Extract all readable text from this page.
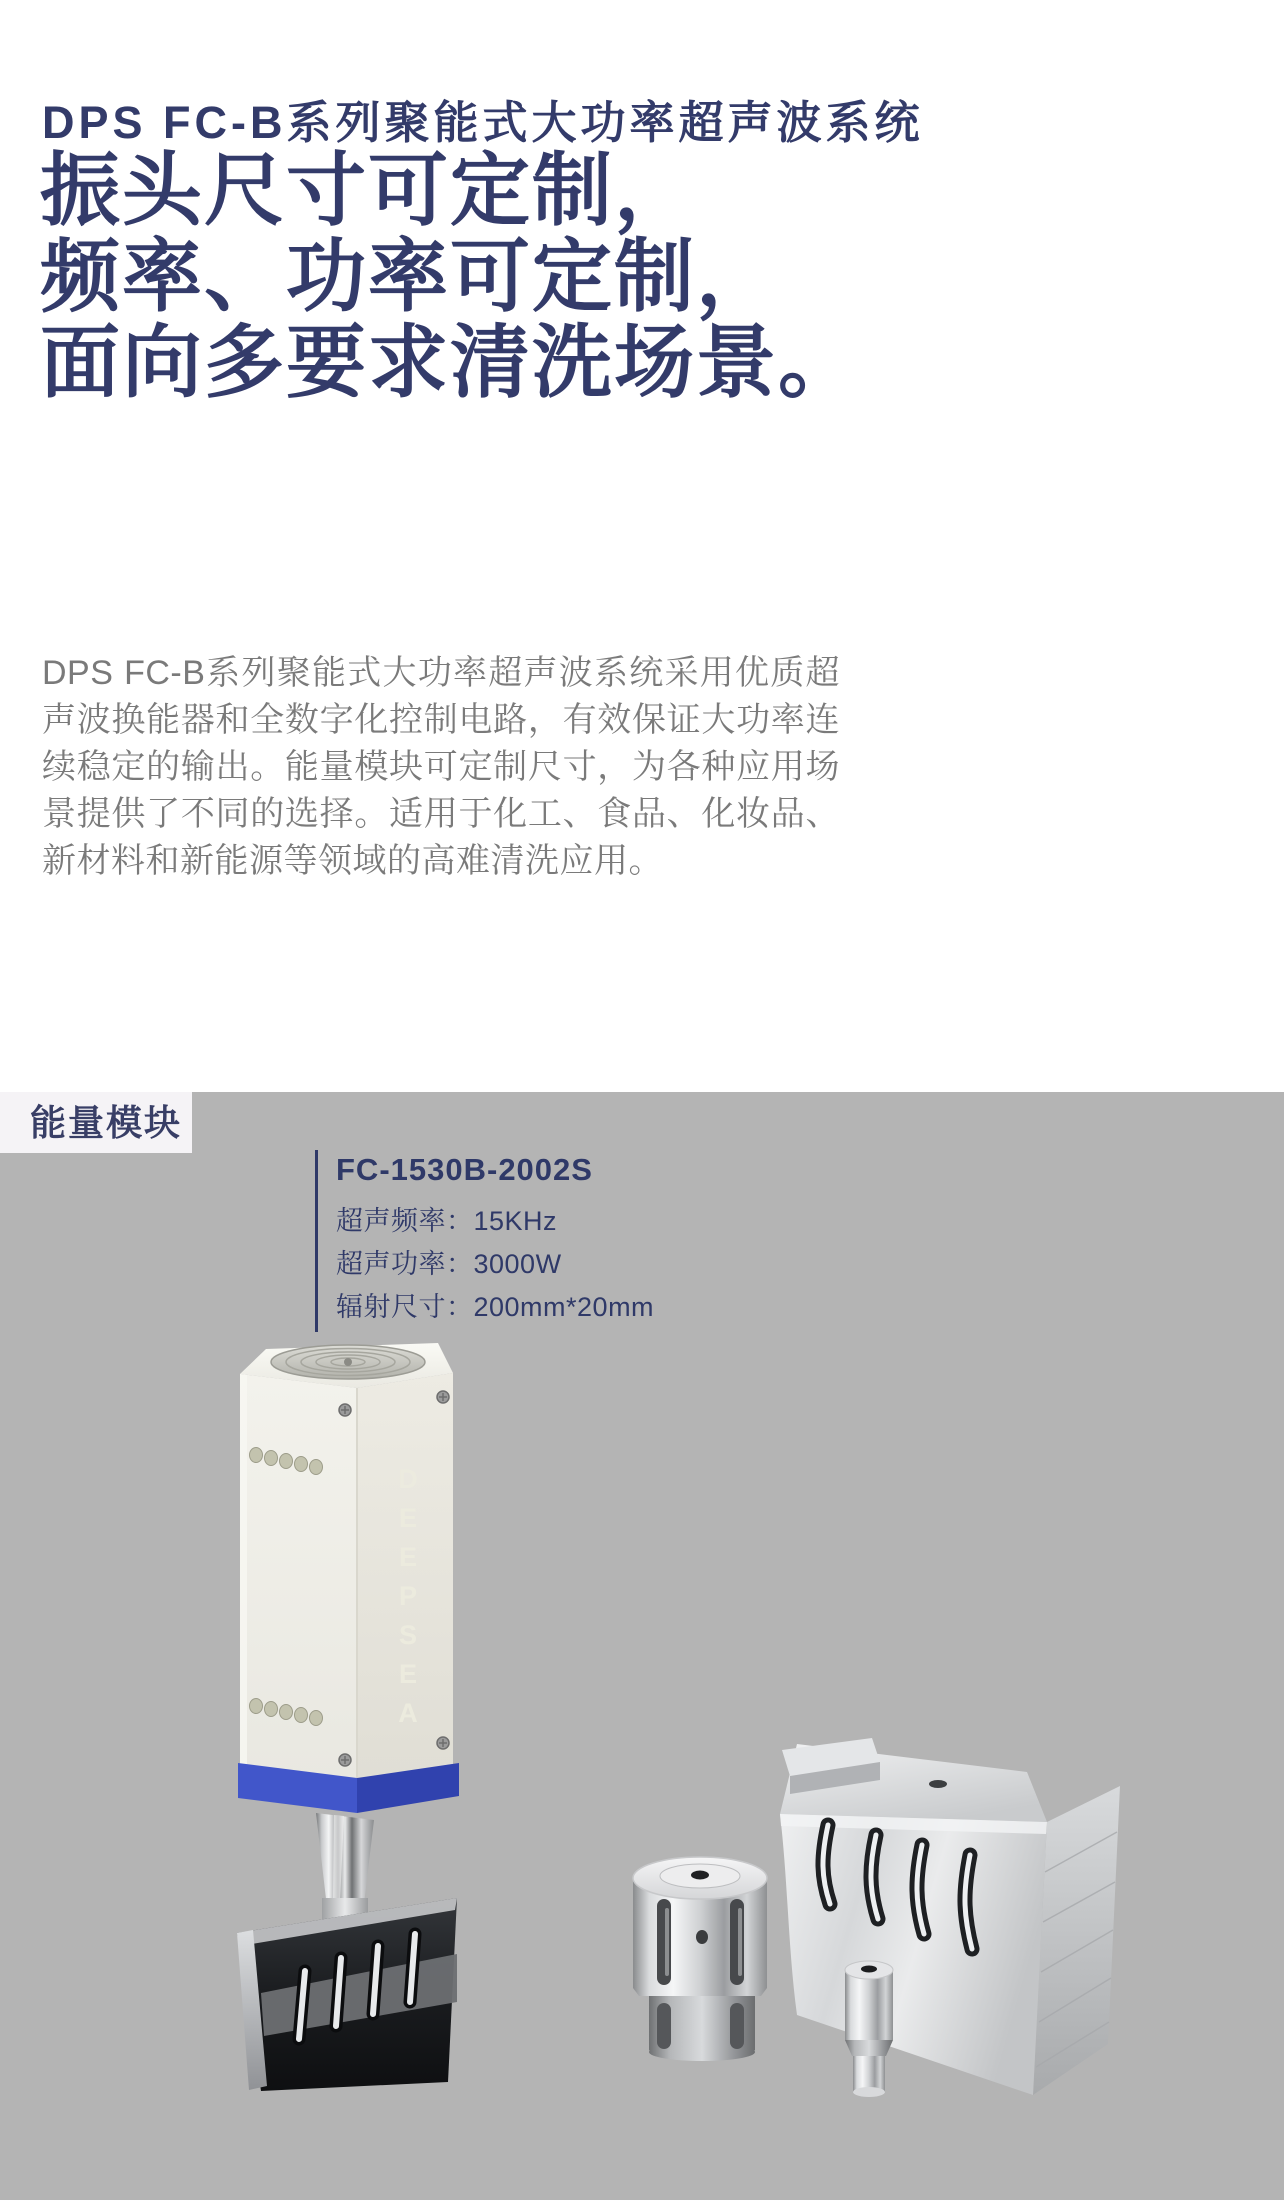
DPS FC-B系列聚能式大功率超声波系统
振头尺寸可定制，
频率、功率可定制，
面向多要求清洗场景。

DPS FC-B系列聚能式大功率超声波系统采用优质超声波换能器和全数字化控制电路，有效保证大功率连续稳定的输出。能量模块可定制尺寸，为各种应用场景提供了不同的选择。适用于化工、食品、化妆品、新材料和新能源等领域的高难清洗应用。

能量模块
FC-1530B-2002S
超声频率：15KHz
超声功率：3000W
辐射尺寸：200mm*20mm
DEEPSEA
